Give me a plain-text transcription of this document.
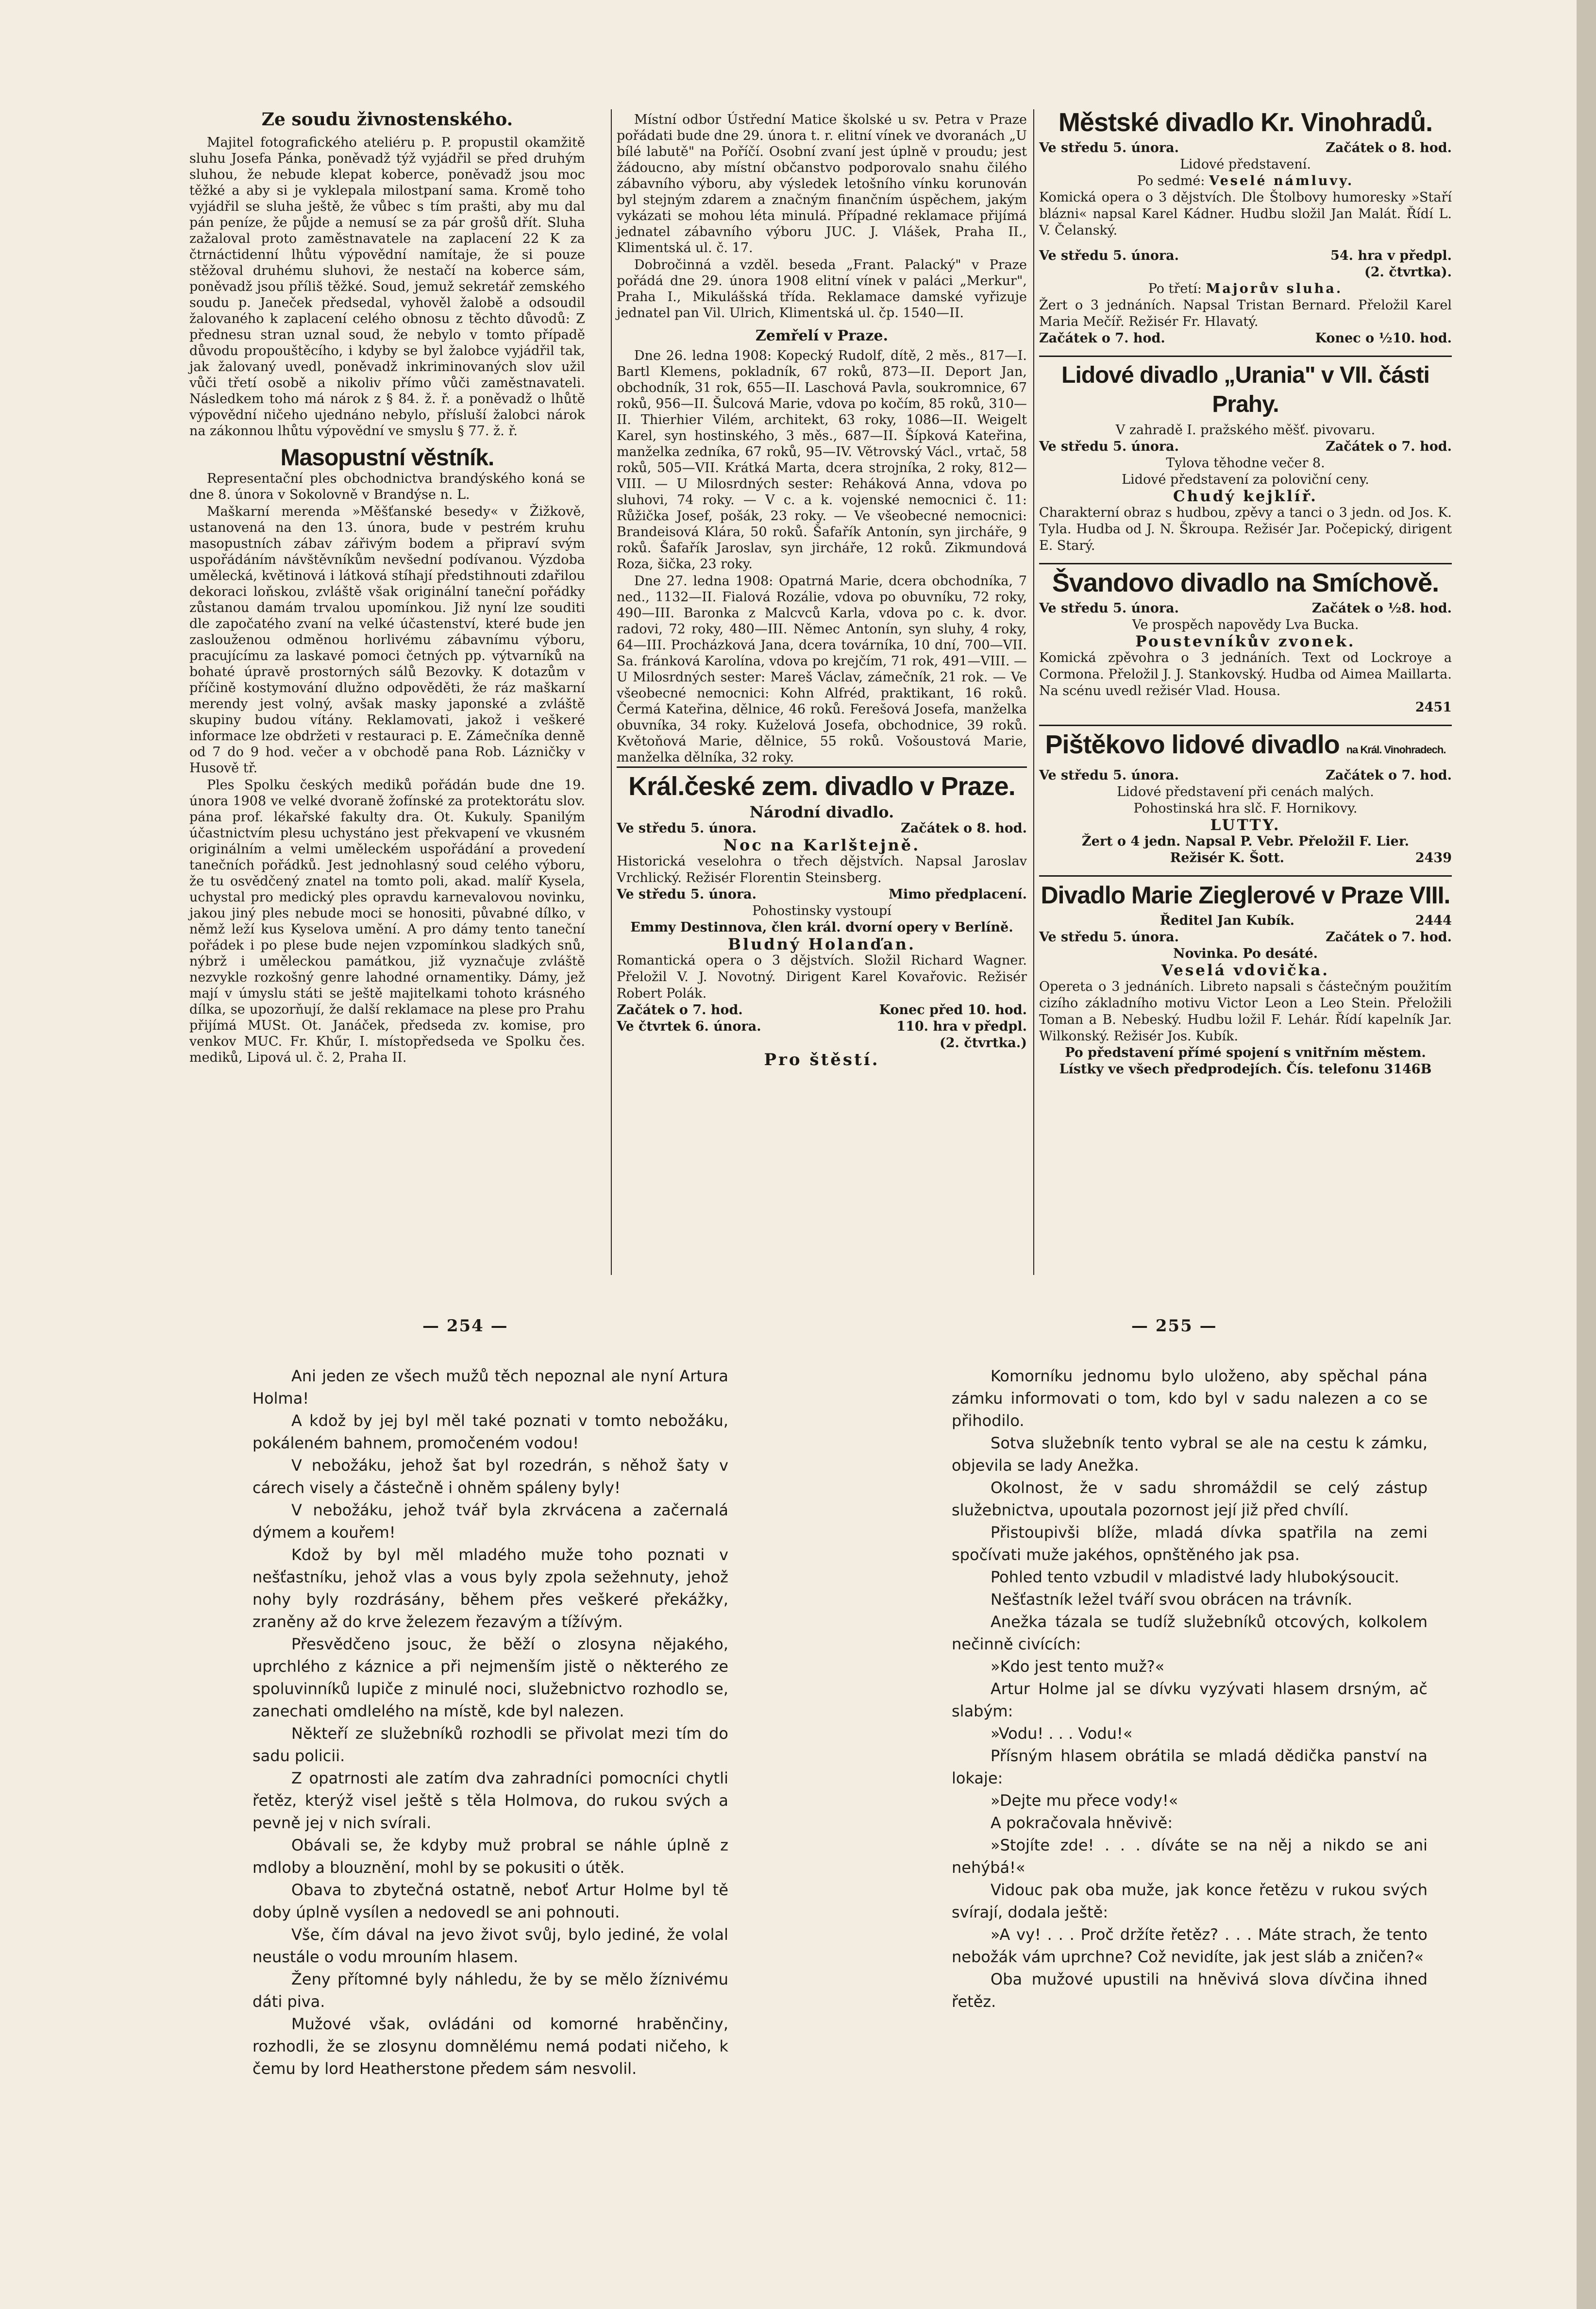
Ze soudu živnostenského.

Majitel fotografického ateliéru p. P. propustil okamžitě sluhu Josefa Pánka, poněvadž týž vyjádřil se před druhým sluhou, že nebude klepat koberce, poněvadž jsou moc těžké a aby si je vyklepala milostpaní sama. Kromě toho vyjádřil se sluha ještě, že vůbec s tím prašti, aby mu dal pán peníze, že půjde a nemusí se za pár grošů dřít. Sluha zažaloval proto zaměstnavatele na zaplacení 22 K za čtrnáctidenní lhůtu výpovědní namítaje, že si pouze stěžoval druhému sluhovi, že nestačí na koberce sám, poněvadž jsou příliš těžké. Soud, jemuž sekretář zemského soudu p. Janeček předsedal, vyhověl žalobě a odsoudil žalovaného k zaplacení celého obnosu z těchto důvodů: Z přednesu stran uznal soud, že nebylo v tomto případě důvodu propouštěcího, i kdyby se byl žalobce vyjádřil tak, jak žalovaný uvedl, poněvadž inkriminovaných slov užil vůči třetí osobě a nikoliv přímo vůči zaměstnavateli. Následkem toho má nárok z § 84. ž. ř. a poněvadž o lhůtě výpovědní ničeho ujednáno nebylo, přísluší žalobci nárok na zákonnou lhůtu výpovědní ve smyslu § 77. ž. ř.

Masopustní věstník.

Representační ples obchodnictva brandýského koná se dne 8. února v Sokolovně v Brandýse n. L.

Maškarní merenda »Měšťanské besedy« v Žižkově, ustanovená na den 13. února, bude v pestrém kruhu masopustních zábav zářivým bodem a připraví svým uspořádáním návštěvníkům nevšední podívanou. Výzdoba umělecká, květinová i látková stíhají předstihnouti zdařilou dekoraci loňskou, zvláště však originální taneční pořádky zůstanou damám trvalou upomínkou. Již nyní lze souditi dle započatého zvaní na velké účastenství, které bude jen zaslouženou odměnou horlivému zábavnímu výboru, pracujícímu za laskavé pomoci četných pp. výtvarníků na bohaté úpravě prostorných sálů Bezovky. K dotazům v příčině kostymování dlužno odpověděti, že ráz maškarní merendy jest volný, avšak masky japonské a zvláště skupiny budou vítány. Reklamovati, jakož i veškeré informace lze obdržeti v restauraci p. E. Zámečníka denně od 7 do 9 hod. večer a v obchodě pana Rob. Lázničky v Husově tř.

Ples Spolku českých mediků pořádán bude dne 19. února 1908 ve velké dvoraně žofínské za protektorátu slov. pána prof. lékařské fakulty dra. Ot. Kukuly. Spanilým účastnictvím plesu uchystáno jest překvapení ve vkusném originálním a velmi uměleckém uspořádání a provedení tanečních pořádků. Jest jednohlasný soud celého výboru, že tu osvědčený znatel na tomto poli, akad. malíř Kysela, uchystal pro medický ples opravdu karnevalovou novinku, jakou jiný ples nebude moci se honositi, půvabné dílko, v němž leží kus Kyselova umění. A pro dámy tento taneční pořádek i po plese bude nejen vzpomínkou sladkých snů, nýbrž i uměleckou památkou, již vyznačuje zvláště nezvykle rozkošný genre lahodné ornamentiky. Dámy, jež mají v úmyslu státi se ještě majitelkami tohoto krásného dílka, se upozorňují, že další reklamace na plese pro Prahu přijímá MUSt. Ot. Janáček, předseda zv. komise, pro venkov MUC. Fr. Khűr, I. místopředseda ve Spolku čes. mediků, Lipová ul. č. 2, Praha II.

Místní odbor Ústřední Matice školské u sv. Petra v Praze pořádati bude dne 29. února t. r. elitní vínek ve dvoranách „U bílé labutě" na Poříčí. Osobní zvaní jest úplně v proudu; jest žádoucno, aby místní občanstvo podporovalo snahu čilého zábavního výboru, aby výsledek letošního vínku korunován byl stejným zdarem a značným finančním úspěchem, jakým vykázati se mohou léta minulá. Případné reklamace přijímá jednatel zábavního výboru JUC. J. Vlášek, Praha II., Klimentská ul. č. 17.

Dobročinná a vzděl. beseda „Frant. Palacký" v Praze pořádá dne 29. února 1908 elitní vínek v paláci „Merkur", Praha I., Mikulášská třída. Reklamace damské vyřizuje jednatel pan Vil. Ulrich, Klimentská ul. čp. 1540—II.

Zemřelí v Praze.

Dne 26. ledna 1908: Kopecký Rudolf, dítě, 2 měs., 817—I. Bartl Klemens, pokladník, 67 roků, 873—II. Deport Jan, obchodník, 31 rok, 655—II. Laschová Pavla, soukromnice, 67 roků, 956—II. Šulcová Marie, vdova po kočím, 85 roků, 310—II. Thierhier Vilém, architekt, 63 roky, 1086—II. Weigelt Karel, syn hostinského, 3 měs., 687—II. Šípková Kateřina, manželka zedníka, 67 roků, 95—IV. Větrovský Václ., vrtač, 58 roků, 505—VII. Krátká Marta, dcera strojníka, 2 roky, 812—VIII. — U Milosrdných sester: Reháková Anna, vdova po sluhovi, 74 roky. — V c. a k. vojenské nemocnici č. 11: Růžička Josef, pošák, 23 roky. — Ve všeobecné nemocnici: Brandeisová Klára, 50 roků. Šafařík Antonín, syn jircháře, 9 roků. Šafařík Jaroslav, syn jircháře, 12 roků. Zikmundová Roza, šička, 23 roky.

Dne 27. ledna 1908: Opatrná Marie, dcera obchodníka, 7 ned., 1132—II. Fialová Rozálie, vdova po obuvníku, 72 roky, 490—III. Baronka z Malcvců Karla, vdova po c. k. dvor. radovi, 72 roky, 480—III. Němec Antonín, syn sluhy, 4 roky, 64—III. Procházková Jana, dcera továrníka, 10 dní, 700—VII. Sa. fránková Karolína, vdova po krejčím, 71 rok, 491—VIII. — U Milosrdných sester: Mareš Václav, zámečník, 21 rok. — Ve všeobecné nemocnici: Kohn Alfréd, praktikant, 16 roků. Čermá Kateřina, dělnice, 46 roků. Ferešová Josefa, manželka obuvníka, 34 roky. Kuželová Josefa, obchodnice, 39 roků. Květoňová Marie, dělnice, 55 roků. Vošoustová Marie, manželka dělníka, 32 roky.

Král.české zem. divadlo v Praze.
Národní divadlo.
Ve středu 5. února.	Začátek o 8. hod.
Noc na Karlštejně.
Historická veselohra o třech dějstvích. Napsal Jaroslav Vrchlický. Režisér Florentin Steinsberg.
Ve středu 5. února.	Mimo předplacení.
Pohostinsky vystoupí
Emmy Destinnova, člen král. dvorní opery v Berlíně.
Bludný Holanďan.
Romantická opera o 3 dějstvích. Složil Richard Wagner. Přeložil V. J. Novotný. Dirigent Karel Kovařovic. Režisér Robert Polák.
Začátek o 7. hod.	Konec před 10. hod.
Ve čtvrtek 6. února.	110. hra v předpl.
(2. čtvrtka.)
Pro štěstí.
Městské divadlo Kr. Vinohradů.
Ve středu 5. února.	Začátek o 8. hod.
Lidové představení.
Po sedmé: Veselé námluvy.
Komická opera o 3 dějstvích. Dle Štolbovy humoresky »Staří blázni« napsal Karel Kádner. Hudbu složil Jan Malát. Řídí L. V. Čelanský.
Ve středu 5. února.	54. hra v předpl.
(2. čtvrtka).
Po třetí: Majorův sluha.
Žert o 3 jednáních. Napsal Tristan Bernard. Přeložil Karel Maria Mečíř. Režisér Fr. Hlavatý.
Začátek o 7. hod.	Konec o ½10. hod.
Lidové divadlo „Urania" v VII. části Prahy.
V zahradě I. pražského měšť. pivovaru.
Ve středu 5. února.	Začátek o 7. hod.
Tylova těhodne večer 8.
Lidové představení za poloviční ceny.
Chudý kejklíř.
Charakterní obraz s hudbou, zpěvy a tanci o 3 jedn. od Jos. K. Tyla. Hudba od J. N. Škroupa. Režisér Jar. Počepický, dirigent E. Starý.
Švandovo divadlo na Smíchově.
Ve středu 5. února.	Začátek o ½8. hod.
Ve prospěch napovědy Lva Bucka.
Poustevníkův zvonek.
Komická zpěvohra o 3 jednáních. Text od Lockroye a Cormona. Přeložil J. J. Stankovský. Hudba od Aimea Maillarta. Na scénu uvedl režisér Vlad. Housa.
2451
Pištěkovo lidové divadlo na Král. Vinohradech.
Ve středu 5. února.	Začátek o 7. hod.
Lidové představení při cenách malých.
Pohostinská hra slč. F. Hornikovy.
LUTTY.
Žert o 4 jedn. Napsal P. Vebr. Přeložil F. Lier.
Režisér K. Šott.	2439
Divadlo Marie Zieglerové v Praze VIII.
Ředitel Jan Kubík.	2444
Ve středu 5. února.	Začátek o 7. hod.
Novinka. Po desáté.
Veselá vdovička.
Opereta o 3 jednáních. Libreto napsali s částečným použitím cizího základního motivu Victor Leon a Leo Stein. Přeložili Toman a B. Nebeský. Hudbu ložil F. Lehár. Řídí kapelník Jar. Wilkonský. Režisér Jos. Kubík.
Po představení přímé spojení s vnitřním městem.
Lístky ve všech předprodejích. Čís. telefonu 3146B
— 254 —	— 255 —

Ani jeden ze všech mužů těch nepoznal ale nyní Artura Holma!

A kdož by jej byl měl také poznati v tomto nebožáku, pokáleném bahnem, promočeném vodou!

V nebožáku, jehož šat byl rozedrán, s něhož šaty v cárech visely a částečně i ohněm spáleny byly!

V nebožáku, jehož tvář byla zkrvácena a začernalá dýmem a kouřem!

Kdož by byl měl mladého muže toho poznati v nešťastníku, jehož vlas a vous byly zpola sežehnuty, jehož nohy byly rozdrásány, během přes veškeré překážky, zraněny až do krve železem řezavým a tížívým.

Přesvědčeno jsouc, že běží o zlosyna nějakého, uprchlého z káznice a při nejmenším jistě o některého ze spoluvinníků lupiče z minulé noci, služebnictvo rozhodlo se, zanechati omdlelého na místě, kde byl nalezen.

Někteří ze služebníků rozhodli se přivolat mezi tím do sadu policii.

Z opatrnosti ale zatím dva zahradníci pomocníci chytli řetěz, kterýž visel ještě s těla Holmova, do rukou svých a pevně jej v nich svírali.

Obávali se, že kdyby muž probral se náhle úplně z mdloby a blouznění, mohl by se pokusiti o útěk.

Obava to zbytečná ostatně, neboť Artur Holme byl tě doby úplně vysílen a nedovedl se ani pohnouti.

Vše, čím dával na jevo život svůj, bylo jediné, že volal neustále o vodu mrouním hlasem.

Ženy přítomné byly náhledu, že by se mělo žíznivému dáti piva.

Mužové však, ovládáni od komorné hraběnčiny, rozhodli, že se zlosynu domnělému nemá podati ničeho, k čemu by lord Heatherstone předem sám nesvolil.

Komorníku jednomu bylo uloženo, aby spěchal pána zámku informovati o tom, kdo byl v sadu nalezen a co se přihodilo.

Sotva služebník tento vybral se ale na cestu k zámku, objevila se lady Anežka.

Okolnost, že v sadu shromáždil se celý zástup služebnictva, upoutala pozornost její již před chvílí.

Přistoupivši blíže, mladá dívka spatřila na zemi spočívati muže jakéhos, opnštěného jak psa.

Pohled tento vzbudil v mladistvé lady hlubokýsoucit.

Nešťastník ležel tváří svou obrácen na trávník.

Anežka tázala se tudíž služebníků otcových, kolkolem nečinně civících:

»Kdo jest tento muž?«

Artur Holme jal se dívku vyzývati hlasem drsným, ač slabým:

»Vodu! . . . Vodu!«

Přísným hlasem obrátila se mladá dědička panství na lokaje:

»Dejte mu přece vody!«

A pokračovala hněvivě:

»Stojíte zde! . . . díváte se na něj a nikdo se ani nehýbá!«

Vidouc pak oba muže, jak konce řetězu v rukou svých svírají, dodala ještě:

»A vy! . . . Proč držíte řetěz? . . . Máte strach, že tento nebožák vám uprchne? Což nevidíte, jak jest sláb a zničen?«

Oba mužové upustili na hněvivá slova dívčina ihned řetěz.
